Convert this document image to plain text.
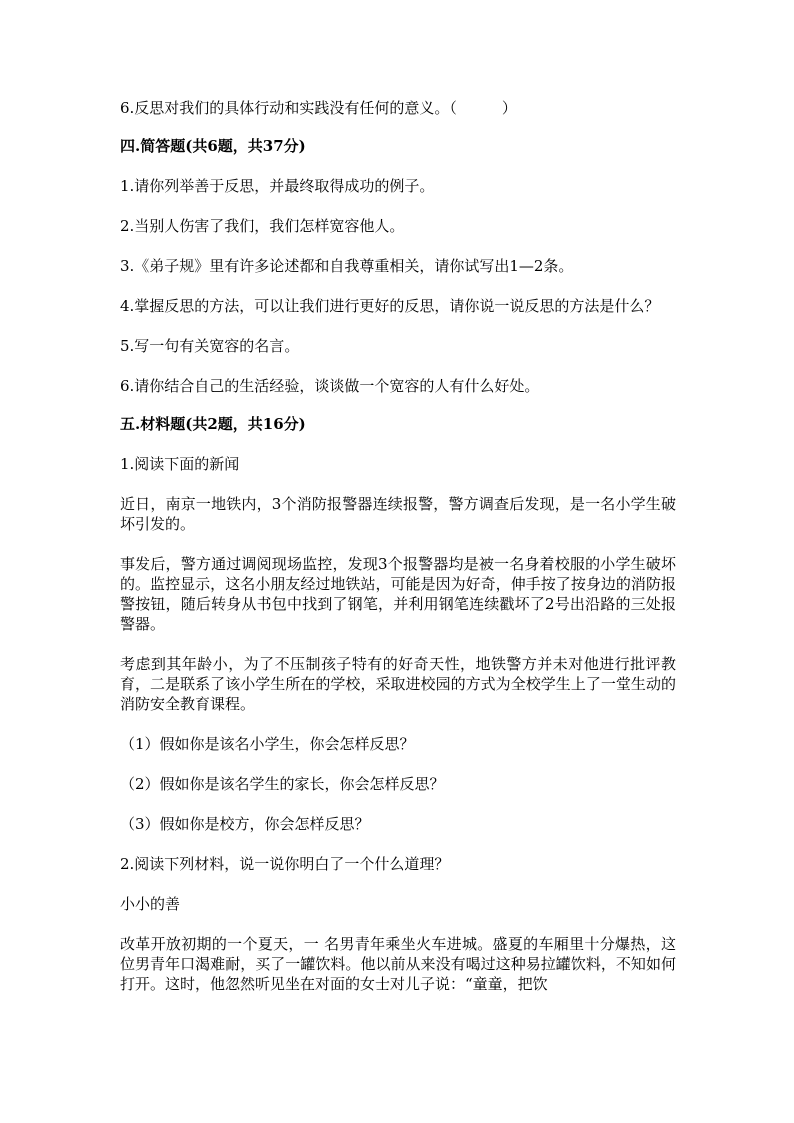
6.反思对我们的具体行动和实践没有任何的意义。（　　　）

四.简答题(共6题，共37分)

1.请你列举善于反思，并最终取得成功的例子。

2.当别人伤害了我们，我们怎样宽容他人。

3.《弟子规》里有许多论述都和自我尊重相关，请你试写出1—2条。

4.掌握反思的方法，可以让我们进行更好的反思，请你说一说反思的方法是什么？

5.写一句有关宽容的名言。

6.请你结合自己的生活经验，谈谈做一个宽容的人有什么好处。

五.材料题(共2题，共16分)

1.阅读下面的新闻

近日，南京一地铁内，3个消防报警器连续报警，警方调查后发现，是一名小学生破坏引发的。

事发后，警方通过调阅现场监控，发现3个报警器均是被一名身着校服的小学生破坏的。监控显示，这名小朋友经过地铁站，可能是因为好奇，伸手按了按身边的消防报警按钮，随后转身从书包中找到了钢笔，并利用钢笔连续戳坏了2号出沿路的三处报警器。

考虑到其年龄小，为了不压制孩子特有的好奇天性，地铁警方并未对他进行批评教育，二是联系了该小学生所在的学校，采取进校园的方式为全校学生上了一堂生动的消防安全教育课程。

（1）假如你是该名小学生，你会怎样反思？

（2）假如你是该名学生的家长，你会怎样反思？

（3）假如你是校方，你会怎样反思？

2.阅读下列材料，说一说你明白了一个什么道理？

小小的善

改革开放初期的一个夏天，一 名男青年乘坐火车进城。盛夏的车厢里十分爆热，这位男青年口渴难耐，买了一罐饮料。他以前从来没有喝过这种易拉罐饮料，不知如何打开。这时，他忽然听见坐在对面的女士对儿子说：“童童，把饮
